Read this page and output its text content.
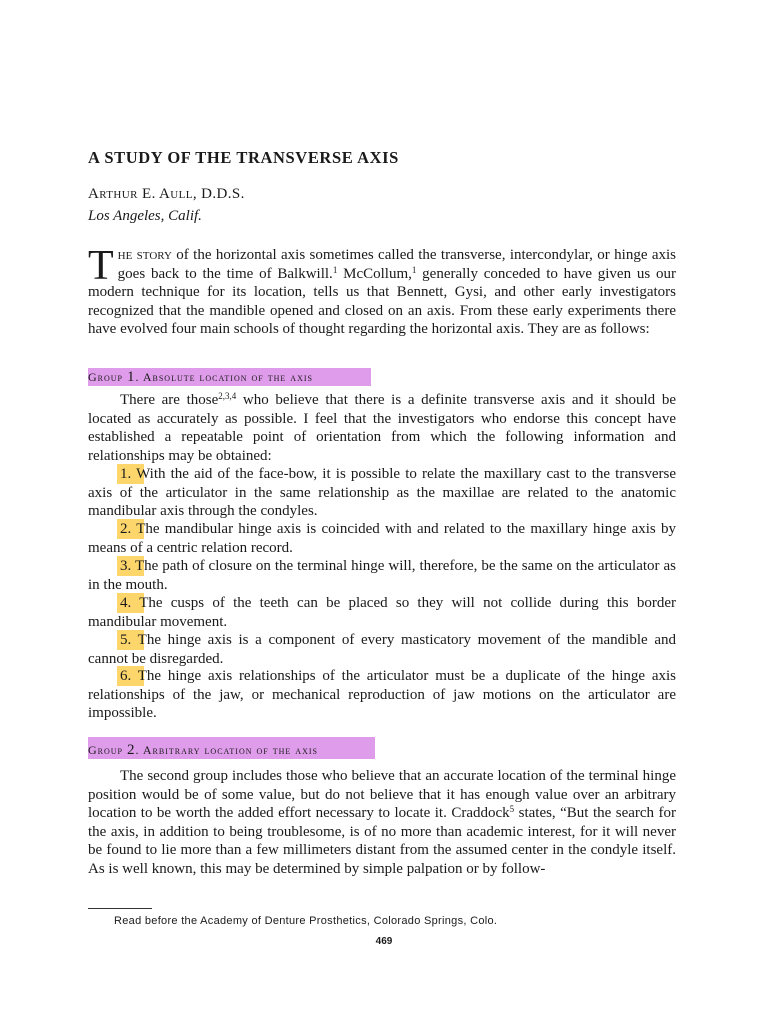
A STUDY OF THE TRANSVERSE AXIS
Arthur E. Aull, D.D.S.
Los Angeles, Calif.

The story of the horizontal axis sometimes called the transverse, intercondylar, or hinge axis goes back to the time of Balkwill.$^1$ McCollum,$^1$ generally conceded to have given us our modern technique for its location, tells us that Bennett, Gysi, and other early investigators recognized that the mandible opened and closed on an axis. From these early experiments there have evolved four main schools of thought regarding the horizontal axis. They are as follows:

Group 1. Absolute location of the axis

There are those$^{2,3,4}$ who believe that there is a definite transverse axis and it should be located as accurately as possible. I feel that the investigators who endorse this concept have established a repeatable point of orientation from which the following information and relationships may be obtained:

1. With the aid of the face-bow, it is possible to relate the maxillary cast to the transverse axis of the articulator in the same relationship as the maxillae are related to the anatomic mandibular axis through the condyles.

2. The mandibular hinge axis is coincided with and related to the maxillary hinge axis by means of a centric relation record.

3. The path of closure on the terminal hinge will, therefore, be the same on the articulator as in the mouth.

4. The cusps of the teeth can be placed so they will not collide during this border mandibular movement.

5. The hinge axis is a component of every masticatory movement of the mandible and cannot be disregarded.

6. The hinge axis relationships of the articulator must be a duplicate of the hinge axis relationships of the jaw, or mechanical reproduction of jaw motions on the articulator are impossible.

Group 2. Arbitrary location of the axis

The second group includes those who believe that an accurate location of the terminal hinge position would be of some value, but do not believe that it has enough value over an arbitrary location to be worth the added effort necessary to locate it. Craddock$^5$ states, “But the search for the axis, in addition to being troublesome, is of no more than academic interest, for it will never be found to lie more than a few millimeters distant from the assumed center in the condyle itself. As is well known, this may be determined by simple palpation or by follow-

Read before the Academy of Denture Prosthetics, Colorado Springs, Colo.
469
